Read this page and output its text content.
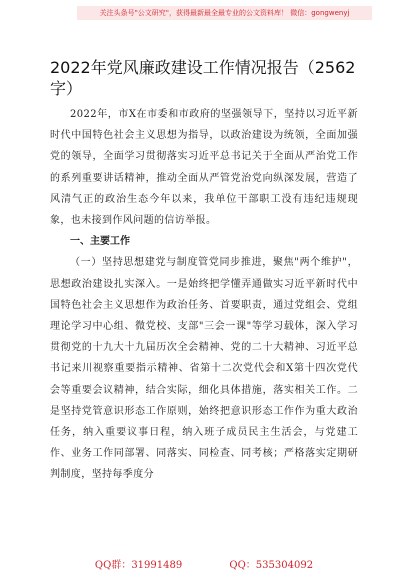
关注头条号"公文研究"，获得最新最全最专业的公文资料库！ 微信：gongwenyj
2022年党风廉政建设工作情况报告（2562字）

2022年，市X在市委和市政府的坚强领导下，坚持以习近平新时代中国特色社会主义思想为指导，以政治建设为统领，全面加强党的领导，全面学习贯彻落实习近平总书记关于全面从严治党工作的系列重要讲话精神，推动全面从严管党治党向纵深发展，营造了风清气正的政治生态今年以来，我单位干部职工没有违纪违规现象，也未接到作风问题的信访举报。

一、主要工作

（一）坚持思想建党与制度管党同步推进，聚焦"两个维护"，思想政治建设扎实深入。一是始终把学懂弄通做实习近平新时代中国特色社会主义思想作为政治任务、首要职责，通过党组会、党组理论学习中心组、微党校、支部"三会一课"等学习载体，深入学习贯彻党的十九大十九届历次全会精神、党的二十大精神、习近平总书记来川视察重要指示精神、省第十二次党代会和X第十四次党代会等重要会议精神，结合实际，细化具体措施，落实相关工作。二是坚持党管意识形态工作原则，始终把意识形态工作作为重大政治任务，纳入重要议事日程，纳入班子成员民主生活会，与党建工作、业务工作同部署、同落实、同检查、同考核；严格落实定期研判制度，坚持每季度分

QQ群：31991489	QQ：535304092
